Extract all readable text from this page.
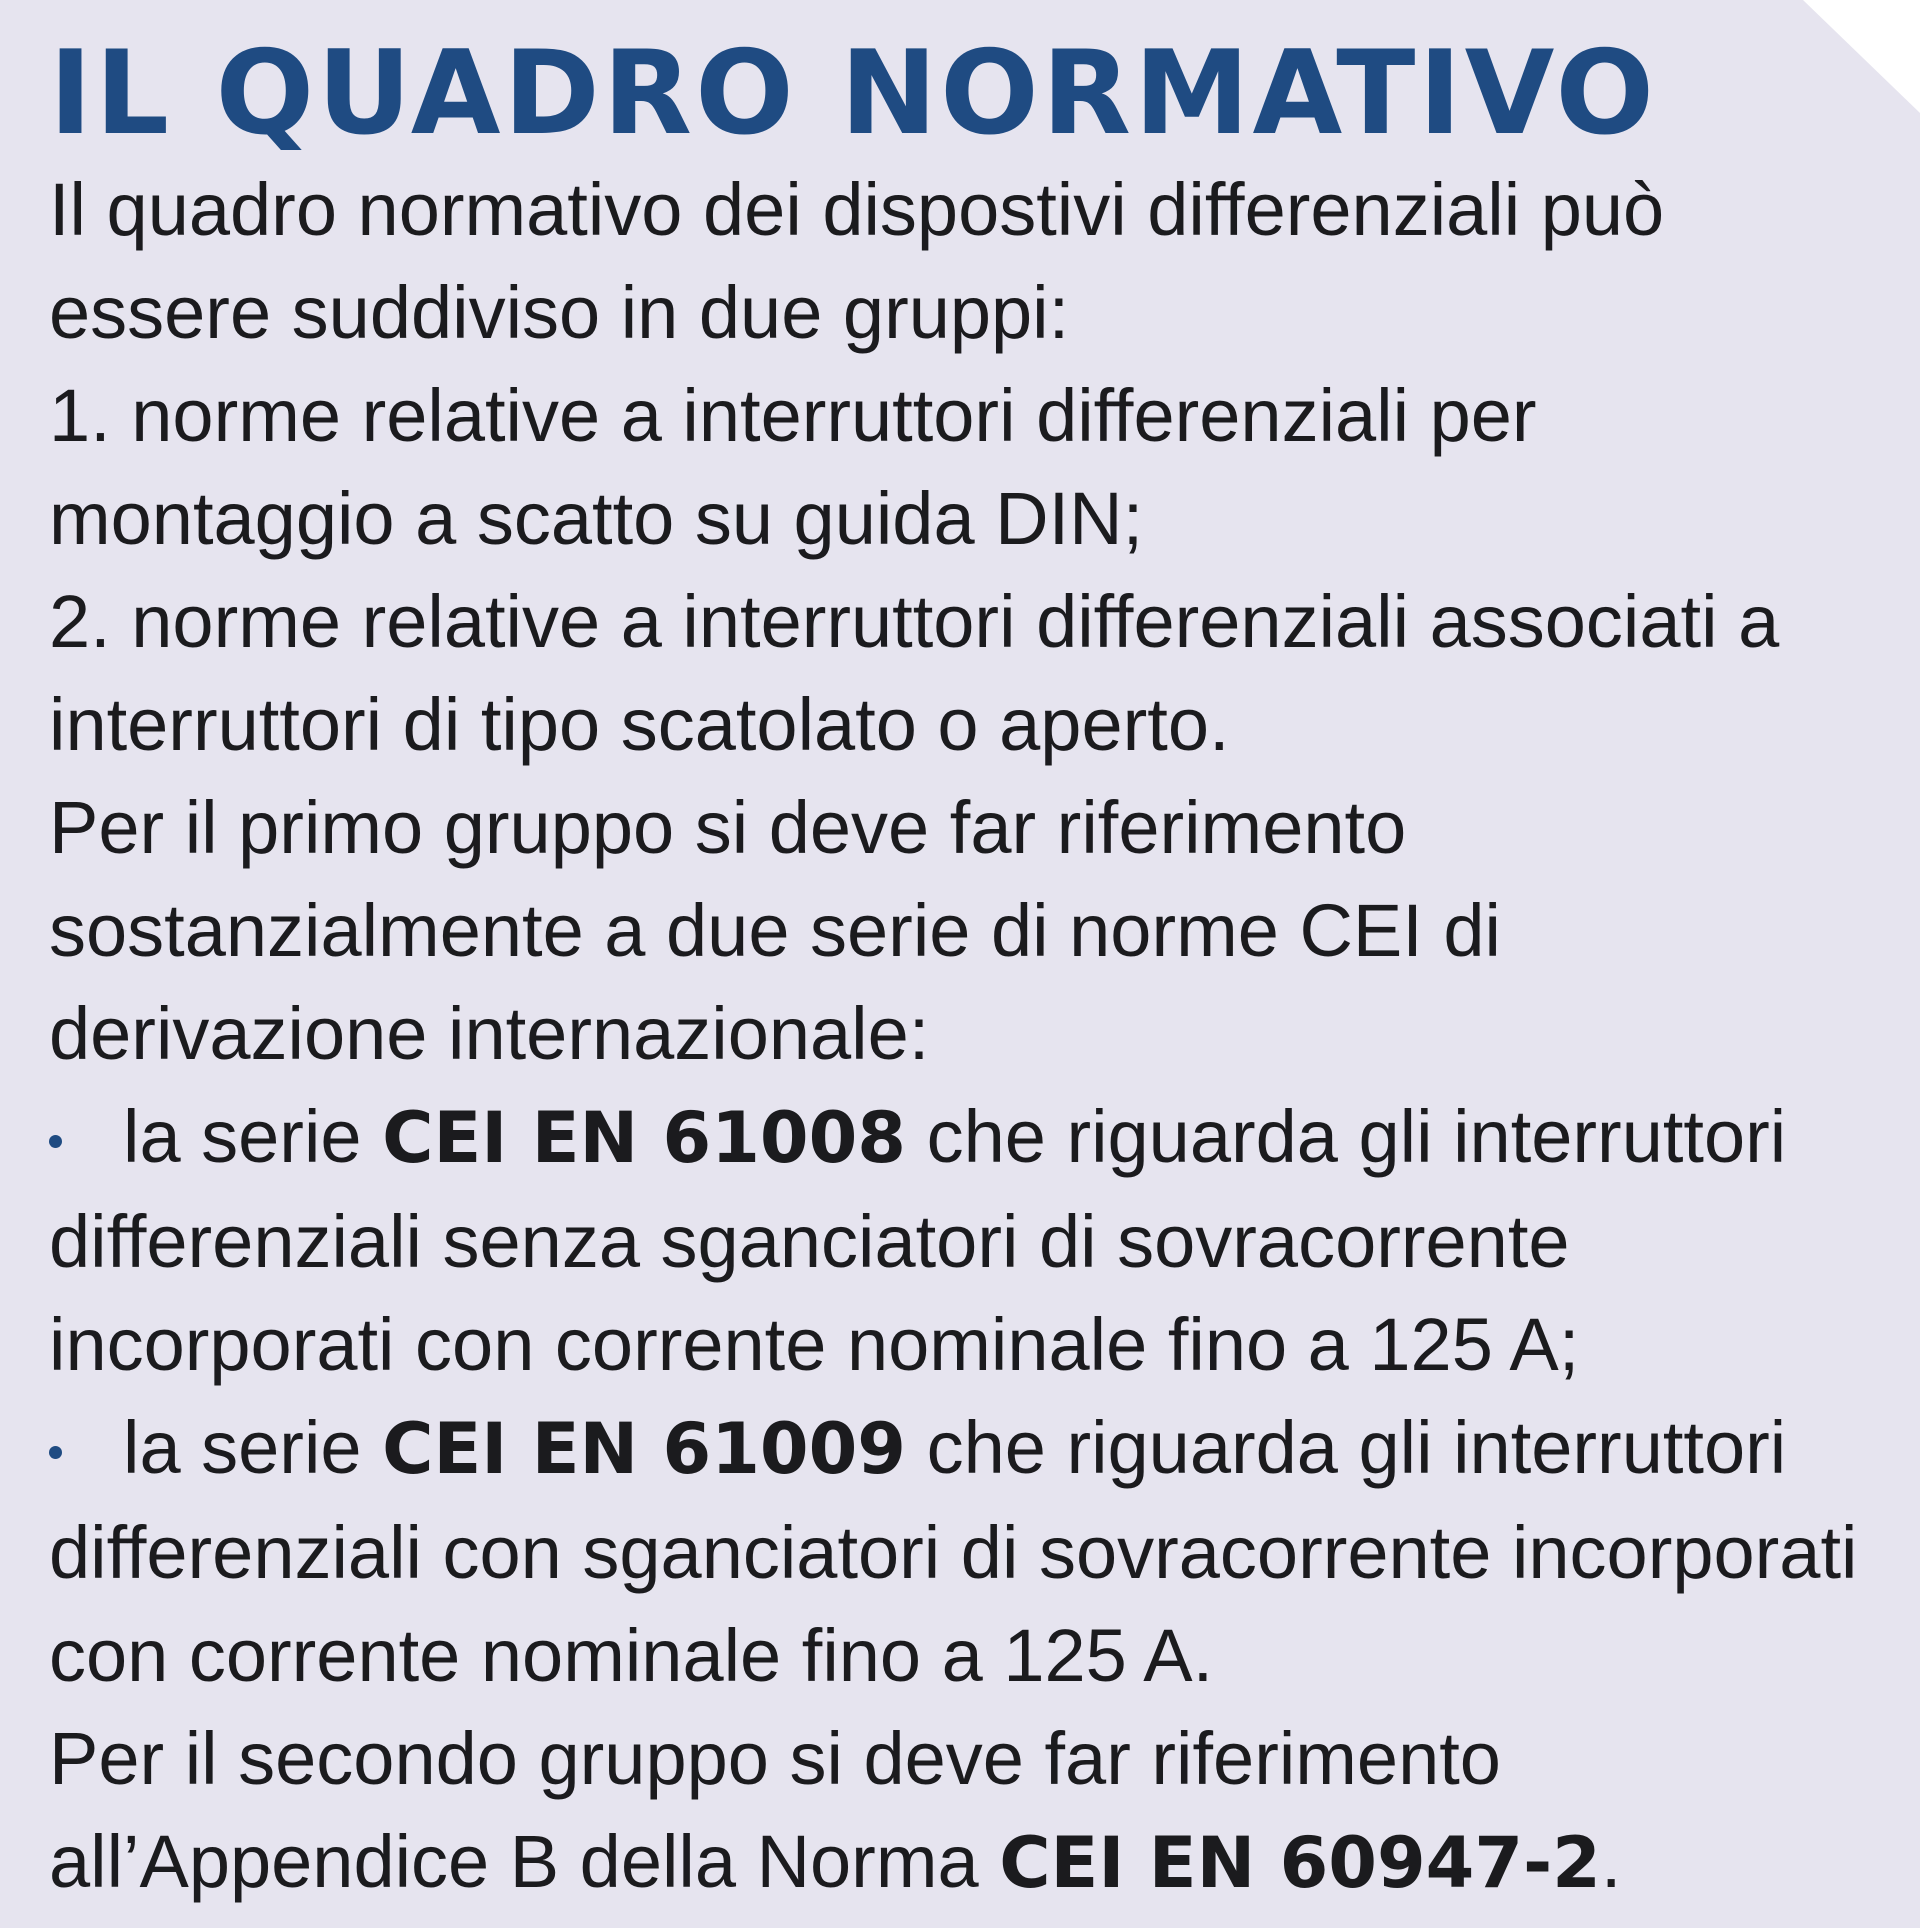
IL QUADRO NORMATIVO

Il quadro normativo dei dispostivi differenziali può essere suddiviso in due gruppi:

1. norme relative a interruttori differenziali per montaggio a scatto su guida DIN;

2. norme relative a interruttori differenziali associati a interruttori di tipo scatolato o aperto.

Per il primo gruppo si deve far riferimento sostanzialmente a due serie di norme CEI di derivazione internazionale:

la serie CEI EN 61008 che riguarda gli interruttori differenziali senza sganciatori di sovracorrente incorporati con corrente nominale fino a 125 A;
la serie CEI EN 61009 che riguarda gli interruttori differenziali con sganciatori di sovracorrente incorporati con corrente nominale fino a 125 A.

Per il secondo gruppo si deve far riferimento all’Appendice B della Norma CEI EN 60947-2.
